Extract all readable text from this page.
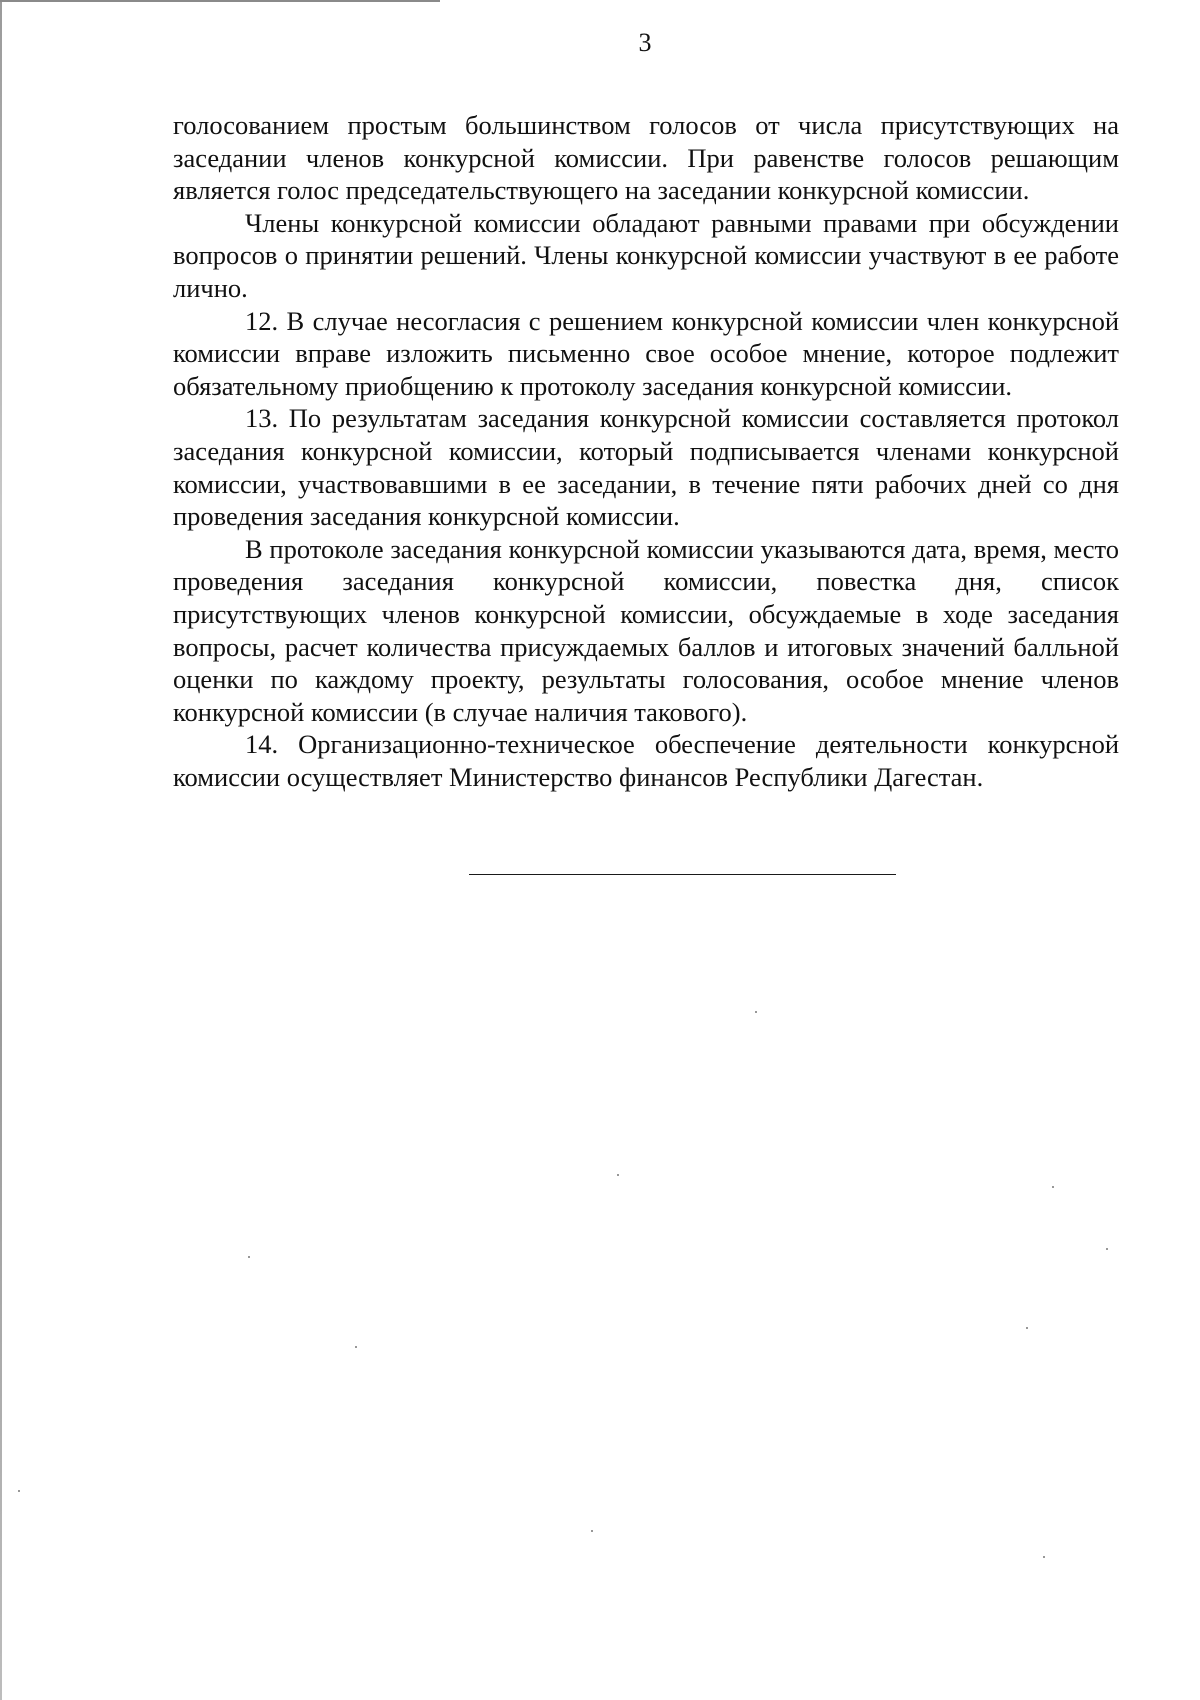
3

голосованием простым большинством голосов от числа присутствующих на заседании членов конкурсной комиссии. При равенстве голосов решающим является голос председательствующего на заседании конкурсной комиссии.

Члены конкурсной комиссии обладают равными правами при обсуждении вопросов о принятии решений. Члены конкурсной комиссии участвуют в ее работе лично.

12. В случае несогласия с решением конкурсной комиссии член конкурсной комиссии вправе изложить письменно свое особое мнение, которое подлежит обязательному приобщению к протоколу заседания конкурсной комиссии.

13. По результатам заседания конкурсной комиссии составляется протокол заседания конкурсной комиссии, который подписывается членами конкурсной комиссии, участвовавшими в ее заседании, в течение пяти рабочих дней со дня проведения заседания конкурсной комиссии.

В протоколе заседания конкурсной комиссии указываются дата, время, место проведения заседания конкурсной комиссии, повестка дня, список присутствующих членов конкурсной комиссии, обсуждаемые в ходе заседания вопросы, расчет количества присуждаемых баллов и итоговых значений балльной оценки по каждому проекту, результаты голосования, особое мнение членов конкурсной комиссии (в случае наличия такового).

14. Организационно-техническое обеспечение деятельности конкурсной комиссии осуществляет Министерство финансов Республики Дагестан.
